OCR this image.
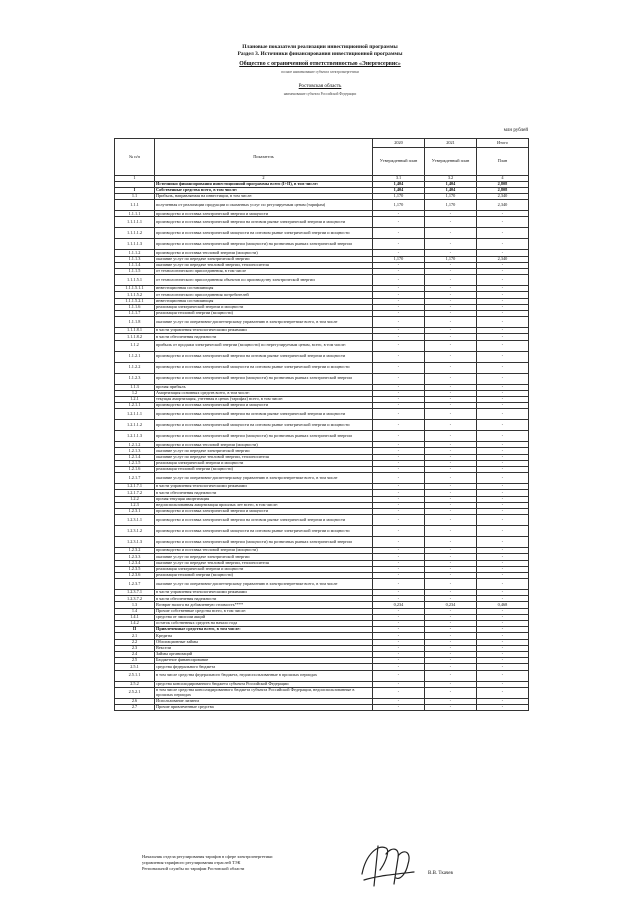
Плановые показатели реализации инвестиционной программы
Раздел 3. Источники финансирования инвестиционной программы
Общество с ограниченной ответственностью «Энергосервис»
полное наименование субъекта электроэнергетики
Ростовская область
наименование субъекта Российской Федерации
млн рублей
№ п/п	Показатель	2020	2021	Итого
		Утвержденный план	Утвержденный план	План
1	2	3.1	3.2	4
	Источники финансирования инвестиционной программы всего (I+II), в том числе:	1,404	1,404	2,808
I	Собственные средства всего, в том числе:	1,404	1,404	2,808
1.1	Прибыль, направляемая на инвестиции, в том числе:	1,170	1,170	2,340
1.1.1	полученная от реализации продукции и оказанных услуг по регулируемым ценам (тарифам)	1,170	1,170	2,340
1.1.1.1	производство и поставка электрической энергии и мощности	-	-	-
1.1.1.1.1	производство и поставка электрической энергии на оптовом рынке электрической энергии и мощности	-	-	-
1.1.1.1.2	производство и поставка электрической мощности на оптовом рынке электрической энергии и мощности	-	-	-
1.1.1.1.3	производство и поставка электрической энергии (мощности) на розничных рынках электрической энергии	-	-	-
1.1.1.2	производство и поставка тепловой энергии (мощности)	-	-	-
1.1.1.3	оказание услуг по передаче электрической энергии	1,170	1,170	2,340
1.1.1.4	оказание услуг по передаче тепловой энергии, теплоносителя	-	-	-
1.1.1.5	от технологического присоединения, в том числе	-	-	-
1.1.1.5.1	от технологического присоединения объектов по производству электрической энергии	-	-	-
1.1.1.5.1.1	инвестиционная составляющая	-	-	-
1.1.1.5.2	от технологического присоединения потребителей	-	-	-
1.1.1.5.2.1	инвестиционная составляющая	-	-	-
1.1.1.6	реализация электрической энергии и мощности	-	-	-
1.1.1.7	реализация тепловой энергии (мощности)	-	-	-
1.1.1.8	оказание услуг по оперативно-диспетчерскому управлению в электроэнергетике всего, в том числе	-	-	-
1.1.1.8.1	в части управления технологическими режимами	-	-	-
1.1.1.8.2	в части обеспечения надежности	-	-	-
1.1.2	прибыль от продажи электрической энергии (мощности) по нерегулируемым ценам, всего, в том числе:	-	-	-
1.1.2.1	производство и поставка электрической энергии на оптовом рынке электрической энергии и мощности	-	-	-
1.1.2.2	производство и поставка электрической мощности на оптовом рынке электрической энергии и мощности	-	-	-
1.1.2.3	производство и поставка электрической энергии (мощности) на розничных рынках электрической энергии	-	-	-
1.1.3	прочая прибыль	-	-	-
1.2	Амортизация основных средств всего, в том числе:	-	-	-
1.2.1	текущая амортизация, учтенная в ценах (тарифах) всего, в том числе:	-	-	-
1.2.1.1	производство и поставка электрической энергии и мощности	-	-	-
1.2.1.1.1	производство и поставка электрической энергии на оптовом рынке электрической энергии и мощности	-	-	-
1.2.1.1.2	производство и поставка электрической мощности на оптовом рынке электрической энергии и мощности	-	-	-
1.2.1.1.3	производство и поставка электрической энергии (мощности) на розничных рынках электрической энергии	-	-	-
1.2.1.2	производство и поставка тепловой энергии (мощности)	-	-	-
1.2.1.3	оказание услуг по передаче электрической энергии	-	-	-
1.2.1.4	оказание услуг по передаче тепловой энергии, теплоносителя	-	-	-
1.2.1.5	реализация электрической энергии и мощности	-	-	-
1.2.1.6	реализация тепловой энергии (мощности)	-	-	-
1.2.1.7	оказание услуг по оперативно-диспетчерскому управлению в электроэнергетике всего, в том числе	-	-	-
1.2.1.7.1	в части управления технологическими режимами	-	-	-
1.2.1.7.2	в части обеспечения надежности	-	-	-
1.2.2	прочая текущая амортизация	-	-	-
1.2.3	недоиспользованная амортизация прошлых лет всего, в том числе:	-	-	-
1.2.3.1	производство и поставка электрической энергии и мощности	-	-	-
1.2.3.1.1	производство и поставка электрической энергии на оптовом рынке электрической энергии и мощности	-	-	-
1.2.3.1.2	производство и поставка электрической мощности на оптовом рынке электрической энергии и мощности	-	-	-
1.2.3.1.3	производство и поставка электрической энергии (мощности) на розничных рынках электрической энергии	-	-	-
1.2.3.2	производство и поставка тепловой энергии (мощности)	-	-	-
1.2.3.3	оказание услуг по передаче электрической энергии	-	-	-
1.2.3.4	оказание услуг по передаче тепловой энергии, теплоносителя	-	-	-
1.2.3.5	реализация электрической энергии и мощности	-	-	-
1.2.3.6	реализация тепловой энергии (мощности)	-	-	-
1.2.3.7	оказание услуг по оперативно-диспетчерскому управлению в электроэнергетике всего, в том числе	-	-	-
1.2.3.7.1	в части управления технологическими режимами	-	-	-
1.2.3.7.2	в части обеспечения надежности	-	-	-
1.3	Возврат налога на добавленную стоимость****	0,234	0,234	0,468
1.4	Прочие собственные средства всего, в том числе:	-	-	-
1.4.1	средства от эмиссии акций	-	-	-
1.4.2	остаток собственных средств на начало года	-	-	-
II	Привлеченные средства всего, в том числе:	-	-	-
2.1	Кредиты	-	-	-
2.2	Облигационные займы	-	-	-
2.3	Вексели	-	-	-
2.4	Займы организаций	-	-	-
2.5	Бюджетное финансирование	-	-	-
2.5.1	средства федерального бюджета	-	-	-
2.5.1.1	в том числе средства федерального бюджета, недоиспользованные в прошлых периодах	-	-	-
2.5.2	средства консолидированного бюджета субъекта Российской Федерации	-	-	-
2.5.2.1	в том числе средства консолидированного бюджета субъекта Российской Федерации, недоиспользованные в прошлых периодах	-	-	-
2.6	Использование лизинга	-	-	-
2.7	Прочие привлеченные средства	-	-	-
Начальник отдела регулирования тарифов в сфере электроэнергетики
управления тарифного регулирования отраслей ТЭК
Региональной службы по тарифам Ростовской области
В.В. Ткачев
